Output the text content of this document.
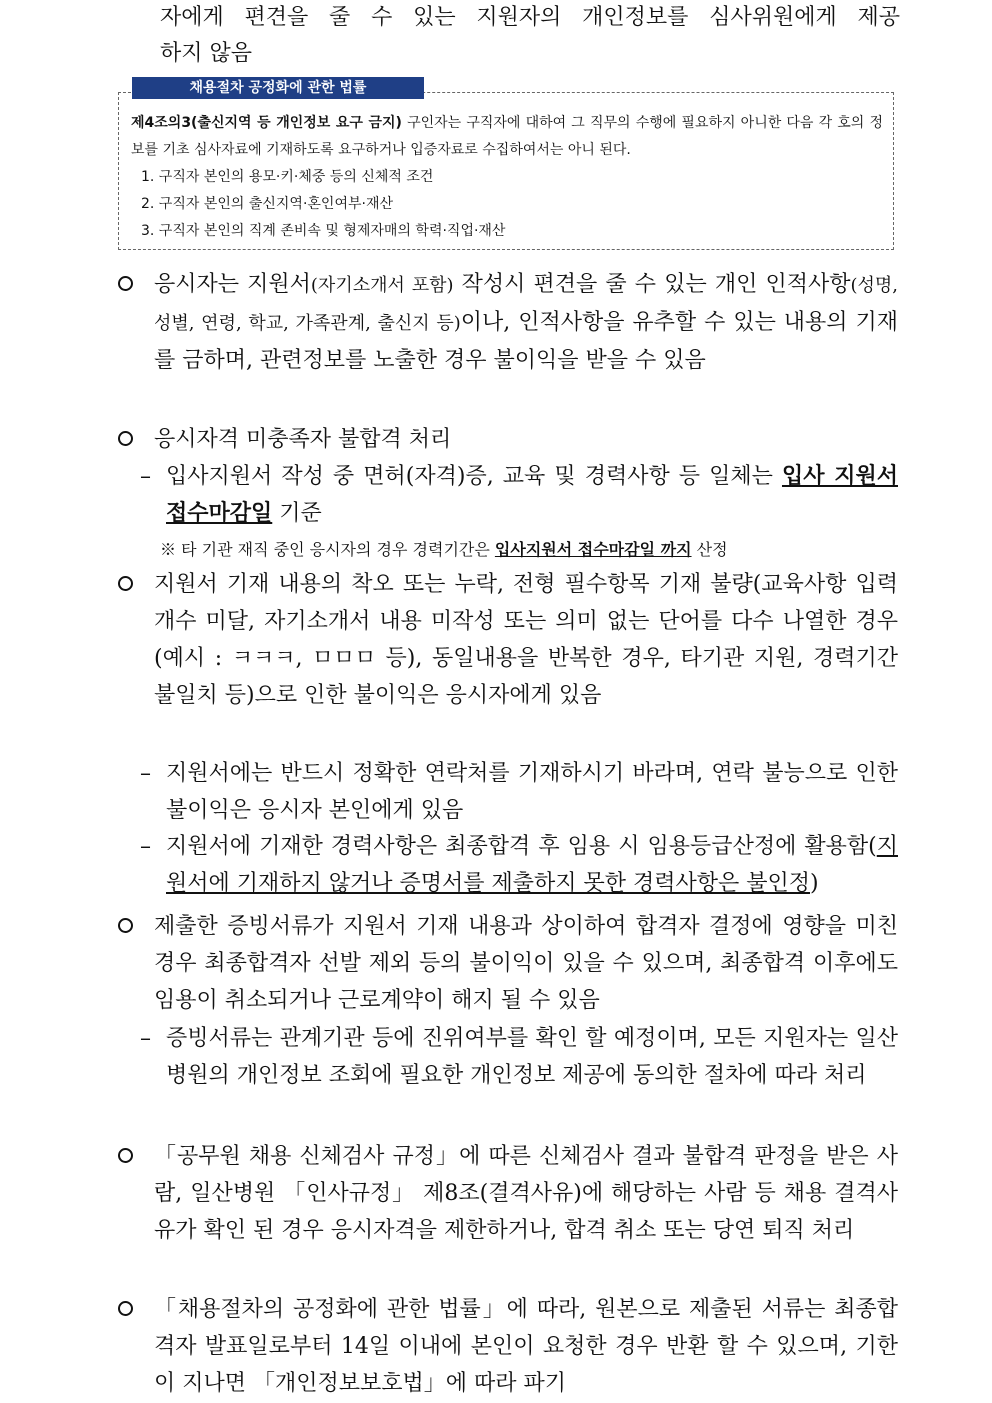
자에게 편견을 줄 수 있는 지원자의 개인정보를 심사위원에게 제공
하지 않음
채용절차 공정화에 관한 법률
제4조의3(출신지역 등 개인정보 요구 금지) 구인자는 구직자에 대하여 그 직무의 수행에 필요하지 아니한 다음 각 호의 정보를 기초 심사자료에 기재하도록 요구하거나 입증자료로 수집하여서는 아니 된다.
1. 구직자 본인의 용모·키·체중 등의 신체적 조건
2. 구직자 본인의 출신지역·혼인여부·재산
3. 구직자 본인의 직계 존비속 및 형제자매의 학력·직업·재산
응시자는 지원서(자기소개서 포함) 작성시 편견을 줄 수 있는 개인 인적사항(성명, 성별, 연령, 학교, 가족관계, 출신지 등)이나, 인적사항을 유추할 수 있는 내용의 기재를 금하며, 관련정보를 노출한 경우 불이익을 받을 수 있음
응시자격 미충족자 불합격 처리
– 입사지원서 작성 중 면허(자격)증, 교육 및 경력사항 등 일체는 입사 지원서 접수마감일 기준
※ 타 기관 재직 중인 응시자의 경우 경력기간은 입사지원서 접수마감일 까지 산정
지원서 기재 내용의 착오 또는 누락, 전형 필수항목 기재 불량(교육사항 입력개수 미달, 자기소개서 내용 미작성 또는 의미 없는 단어를 다수 나열한 경우(예시 : ㅋㅋㅋ, ㅁㅁㅁ 등), 동일내용을 반복한 경우, 타기관 지원, 경력기간 불일치 등)으로 인한 불이익은 응시자에게 있음
– 지원서에는 반드시 정확한 연락처를 기재하시기 바라며, 연락 불능으로 인한 불이익은 응시자 본인에게 있음
– 지원서에 기재한 경력사항은 최종합격 후 임용 시 임용등급산정에 활용함(지원서에 기재하지 않거나 증명서를 제출하지 못한 경력사항은 불인정)
제출한 증빙서류가 지원서 기재 내용과 상이하여 합격자 결정에 영향을 미친 경우 최종합격자 선발 제외 등의 불이익이 있을 수 있으며, 최종합격 이후에도 임용이 취소되거나 근로계약이 해지 될 수 있음
– 증빙서류는 관계기관 등에 진위여부를 확인 할 예정이며, 모든 지원자는 일산병원의 개인정보 조회에 필요한 개인정보 제공에 동의한 절차에 따라 처리
「공무원 채용 신체검사 규정」에 따른 신체검사 결과 불합격 판정을 받은 사람, 일산병원 「인사규정」 제8조(결격사유)에 해당하는 사람 등 채용 결격사유가 확인 된 경우 응시자격을 제한하거나, 합격 취소 또는 당연 퇴직 처리
「채용절차의 공정화에 관한 법률」에 따라, 원본으로 제출된 서류는 최종합격자 발표일로부터 14일 이내에 본인이 요청한 경우 반환 할 수 있으며, 기한이 지나면 「개인정보보호법」에 따라 파기
